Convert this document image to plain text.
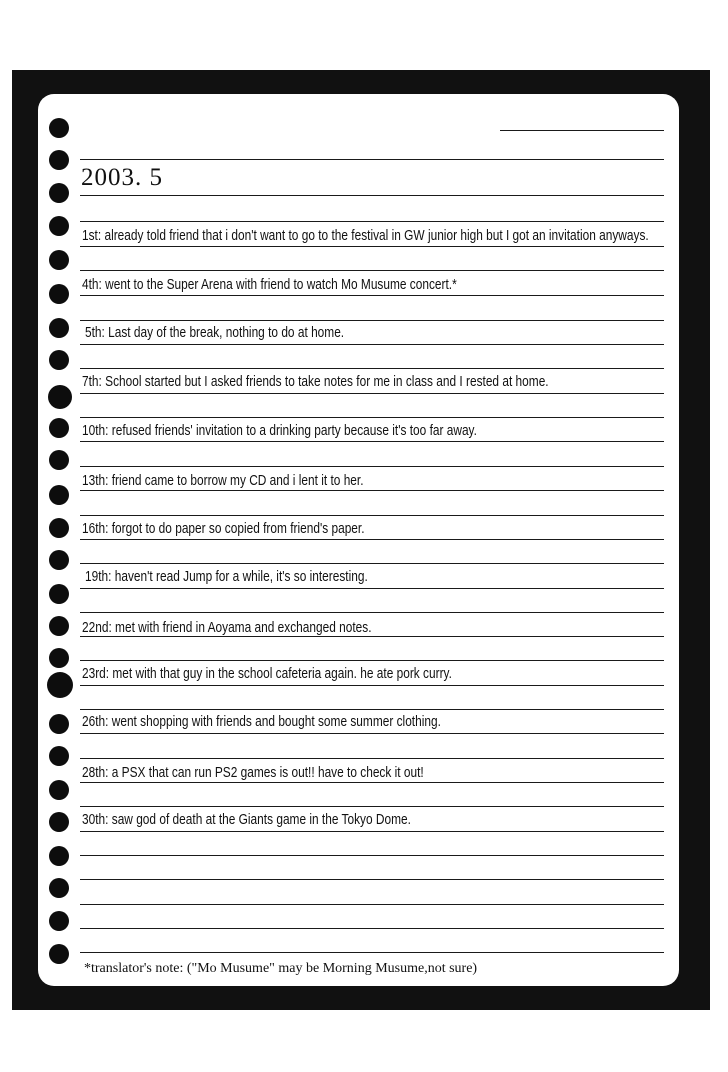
2003. 5
1st: already told friend that i don't want to go to the festival in GW junior high but I got an invitation anyways.
4th: went to the Super Arena with friend to watch Mo Musume concert.*
5th: Last day of the break, nothing to do at home.
7th: School started but I asked friends to take notes for me in class and I rested at home.
10th: refused friends' invitation to a drinking party because it's too far away.
13th: friend came to borrow my CD and i lent it to her.
16th: forgot to do paper so copied from friend's paper.
19th: haven't read Jump for a while, it's so interesting.
22nd: met with friend in Aoyama and exchanged notes.
23rd: met with that guy in the school cafeteria again. he ate pork curry.
26th: went shopping with friends and bought some summer clothing.
28th: a PSX that can run PS2 games is out!! have to check it out!
30th: saw god of death at the Giants game in the Tokyo Dome.
*translator's note: ("Mo Musume" may be Morning Musume,not sure)
